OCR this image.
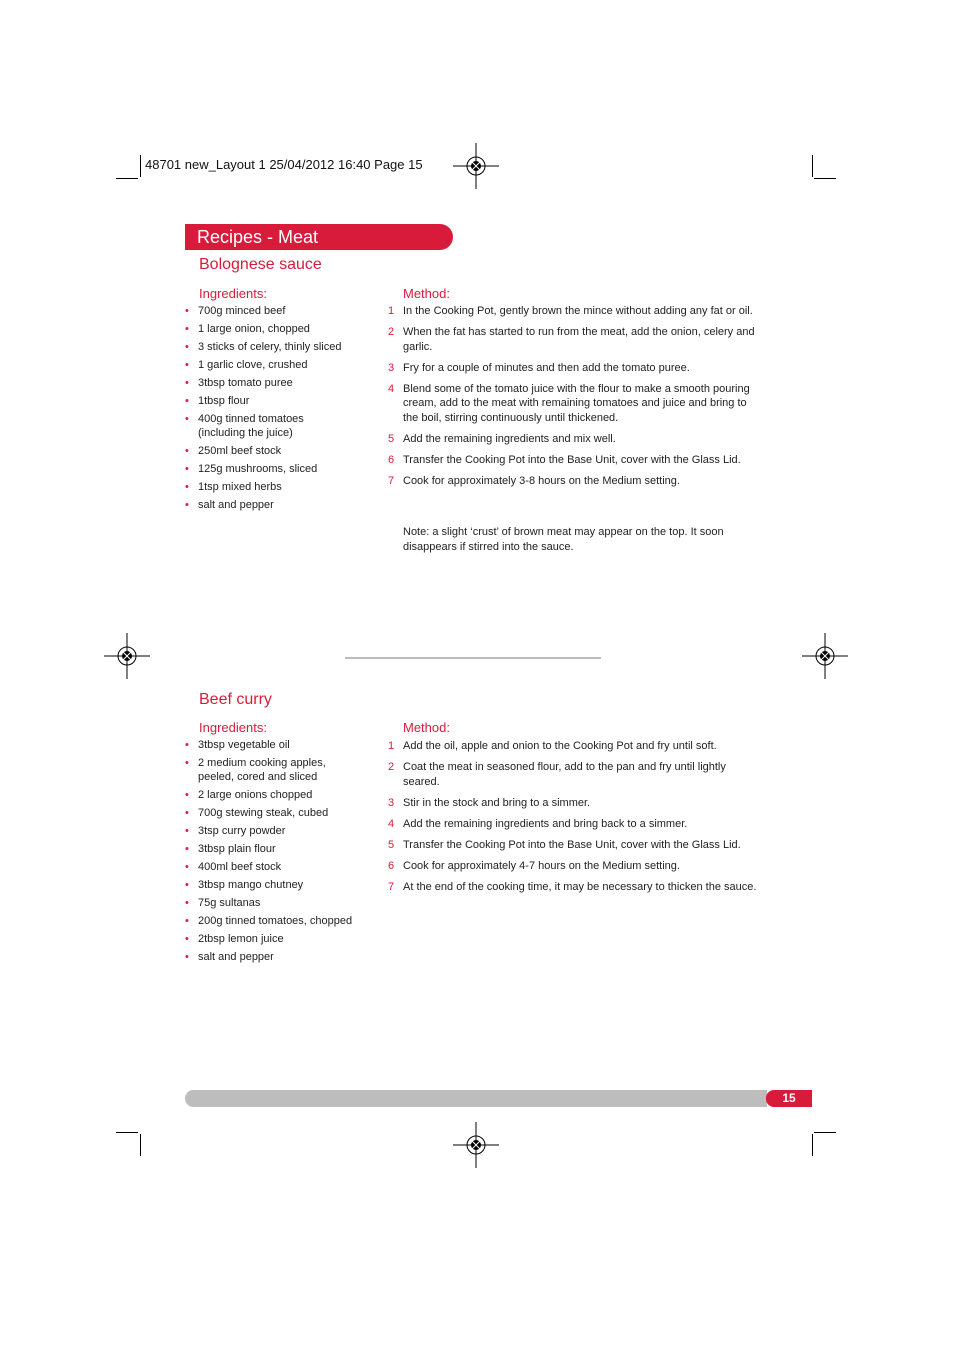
48701 new_Layout 1 25/04/2012 16:40 Page 15
Recipes - Meat
Bolognese sauce
Ingredients:	Method:
• 700g minced beef
• 1 large onion, chopped
• 3 sticks of celery, thinly sliced
• 1 garlic clove, crushed
• 3tbsp tomato puree
• 1tbsp flour
• 400g tinned tomatoes (including the juice)
• 250ml beef stock
• 125g mushrooms, sliced
• 1tsp mixed herbs
• salt and pepper
1 In the Cooking Pot, gently brown the mince without adding any fat or oil.
2 When the fat has started to run from the meat, add the onion, celery and garlic.
3 Fry for a couple of minutes and then add the tomato puree.
4 Blend some of the tomato juice with the flour to make a smooth pouring cream, add to the meat with remaining tomatoes and juice and bring to the boil, stirring continuously until thickened.
5 Add the remaining ingredients and mix well.
6 Transfer the Cooking Pot into the Base Unit, cover with the Glass Lid.
7 Cook for approximately 3-8 hours on the Medium setting.
Note: a slight ‘crust’ of brown meat may appear on the top. It soon disappears if stirred into the sauce.
Beef curry
Ingredients:	Method:
• 3tbsp vegetable oil
• 2 medium cooking apples, peeled, cored and sliced
• 2 large onions chopped
• 700g stewing steak, cubed
• 3tsp curry powder
• 3tbsp plain flour
• 400ml beef stock
• 3tbsp mango chutney
• 75g sultanas
• 200g tinned tomatoes, chopped
• 2tbsp lemon juice
• salt and pepper
1 Add the oil, apple and onion to the Cooking Pot and fry until soft.
2 Coat the meat in seasoned flour, add to the pan and fry until lightly seared.
3 Stir in the stock and bring to a simmer.
4 Add the remaining ingredients and bring back to a simmer.
5 Transfer the Cooking Pot into the Base Unit, cover with the Glass Lid.
6 Cook for approximately 4-7 hours on the Medium setting.
7 At the end of the cooking time, it may be necessary to thicken the sauce.
15
